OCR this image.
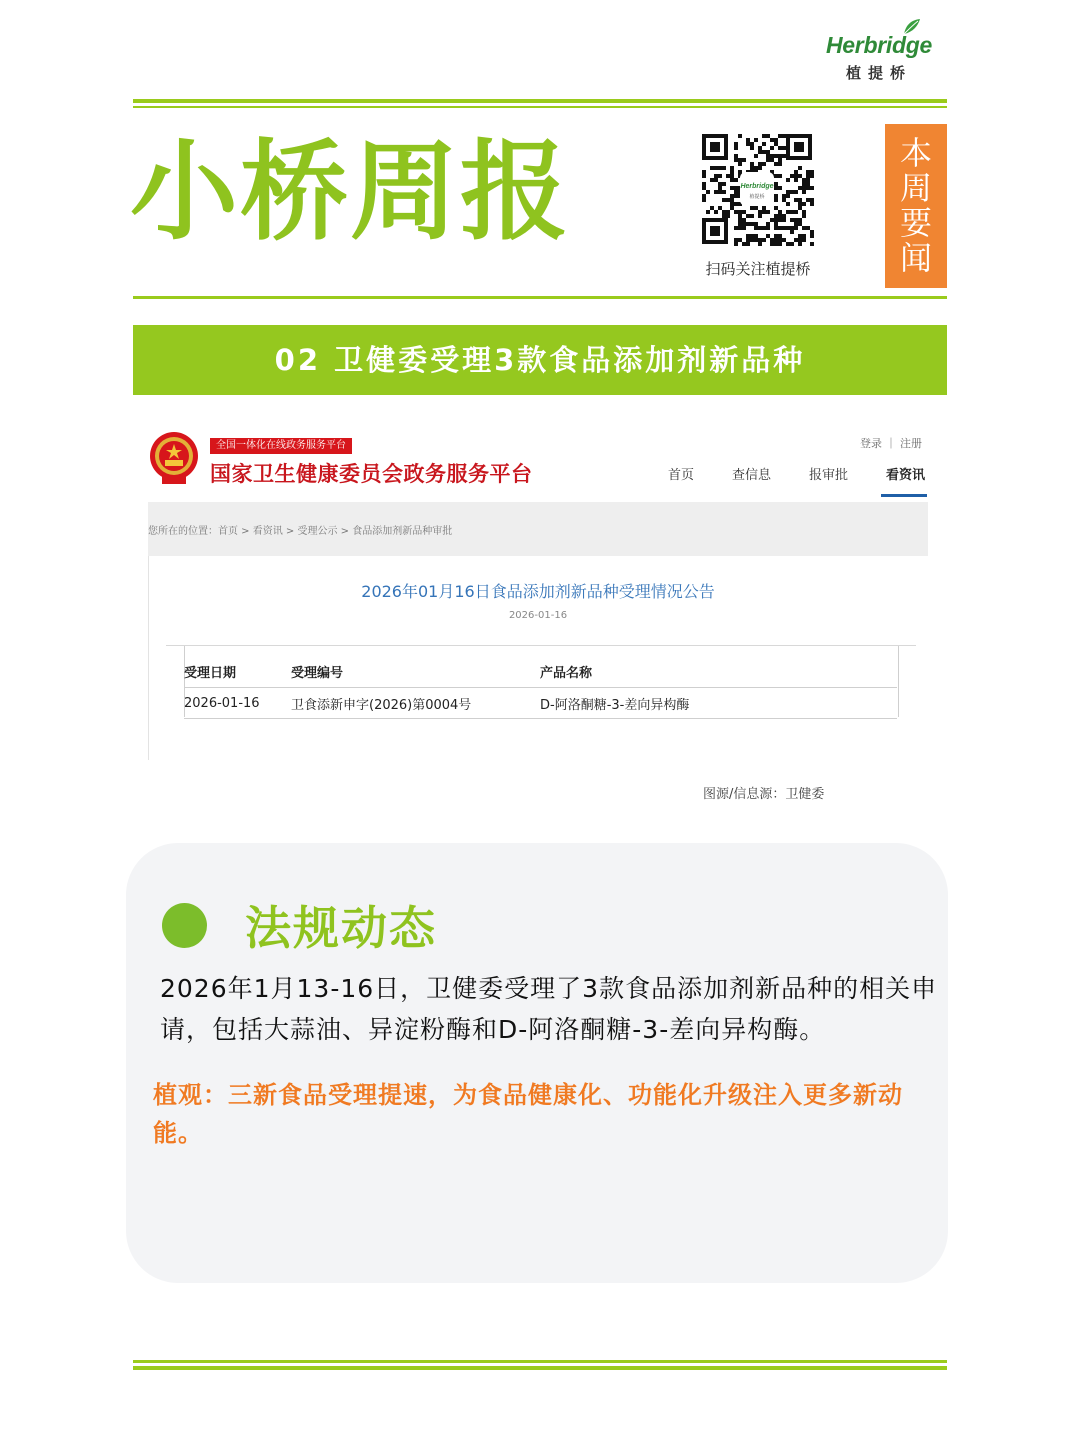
Herbridge
植提桥
小桥周报	Herbridge
植提桥
扫码关注植提桥
本
周
要
闻
02 卫健委受理3款食品添加剂新品种
全国一体化在线政务服务平台
国家卫生健康委员会政务服务平台
登录 ｜ 注册
首页	查信息	报审批	看资讯
您所在的位置：首页 > 看资讯 > 受理公示 > 食品添加剂新品种审批
2026年01月16日食品添加剂新品种受理情况公告
2026-01-16
受理日期	受理编号	产品名称
2026-01-16	卫食添新申字(2026)第0004号	D-阿洛酮糖-3-差向异构酶
图源/信息源：卫健委
法规动态
2026年1月13-16日，卫健委受理了3款食品添加剂新品种的相关申请，包括大蒜油、异淀粉酶和D-阿洛酮糖-3-差向异构酶。
植观：三新食品受理提速，为食品健康化、功能化升级注入更多新动能。
